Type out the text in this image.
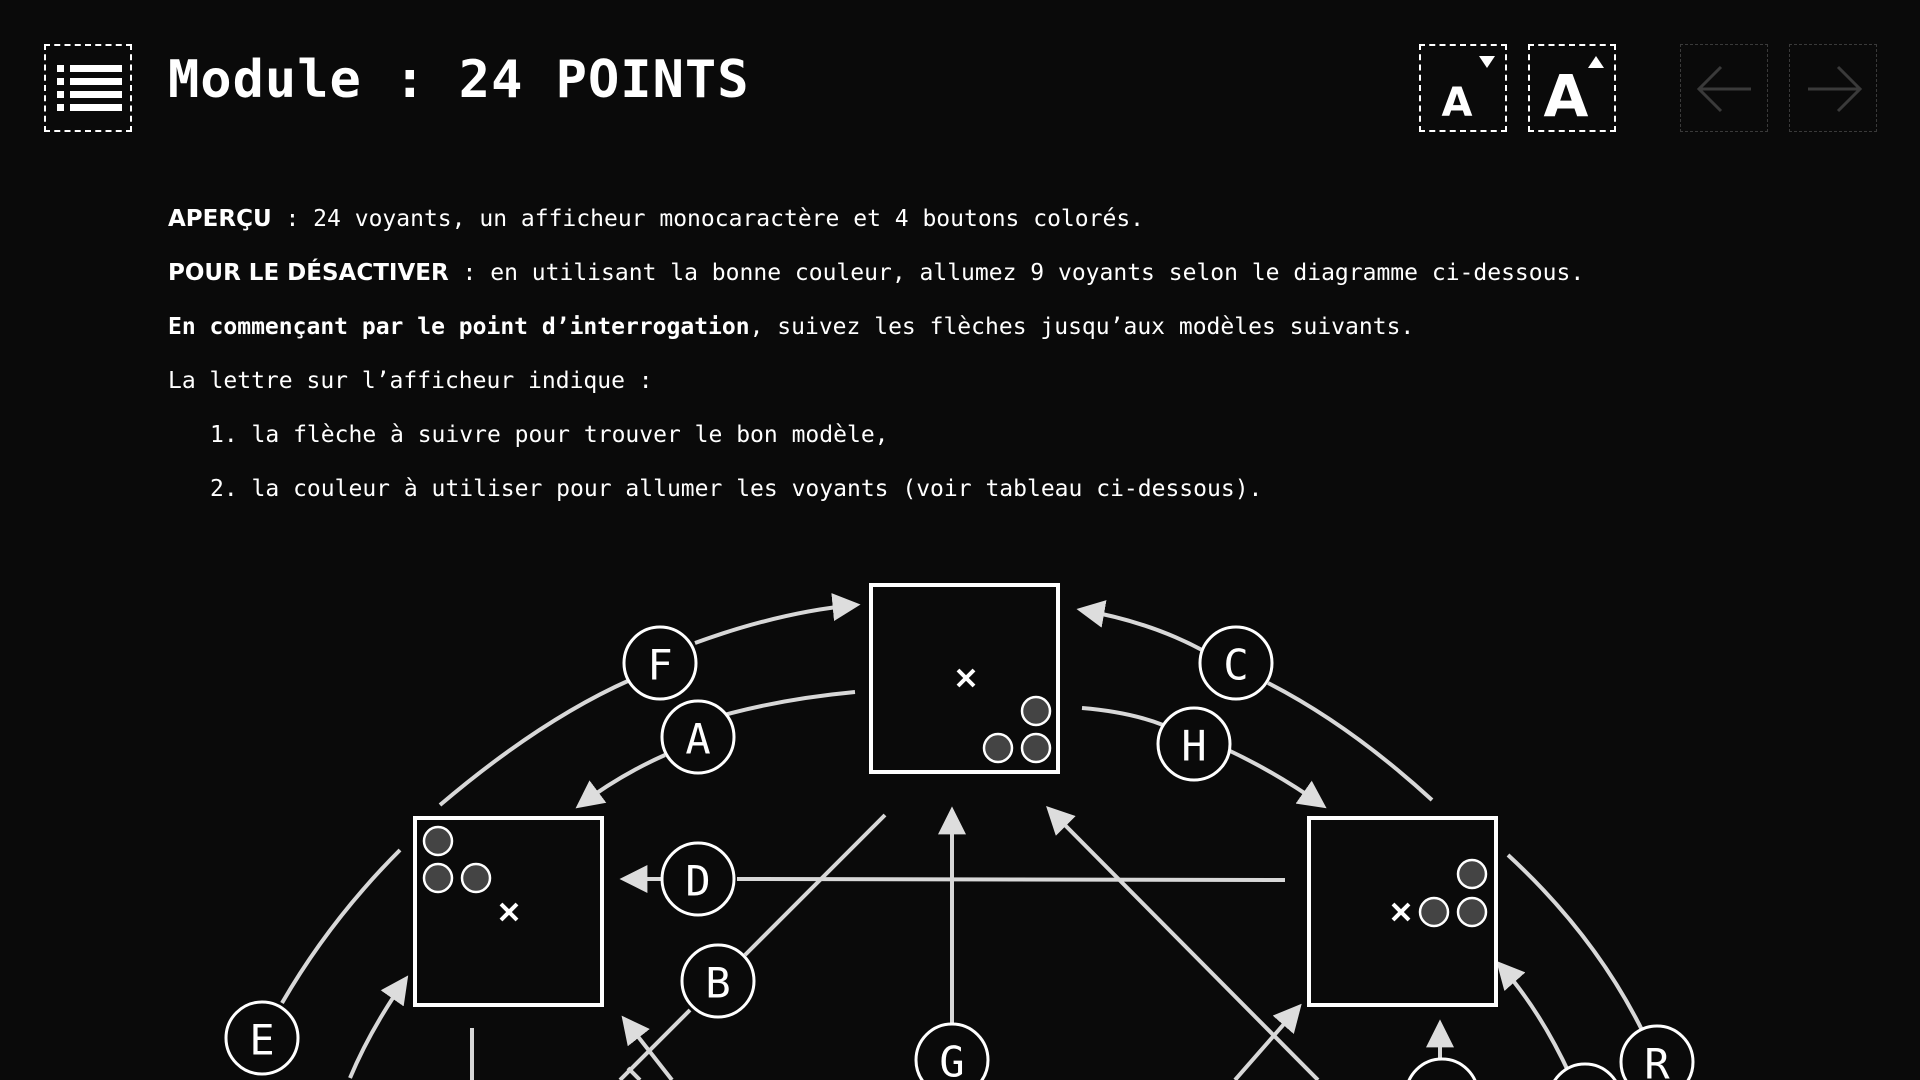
Module : 24 POINTS	A A
APERÇU : 24 voyants, un afficheur monocaractère et 4 boutons colorés.
POUR LE DÉSACTIVER : en utilisant la bonne couleur, allumez 9 voyants selon le diagramme ci-dessous.
En commençant par le point d’interrogation, suivez les flèches jusqu’aux modèles suivants.
La lettre sur l’afficheur indique :
1. la flèche à suivre pour trouver le bon modèle,
2. la couleur à utiliser pour allumer les voyants (voir tableau ci-dessous).
F
A
C
H
D
B
E	G	R
